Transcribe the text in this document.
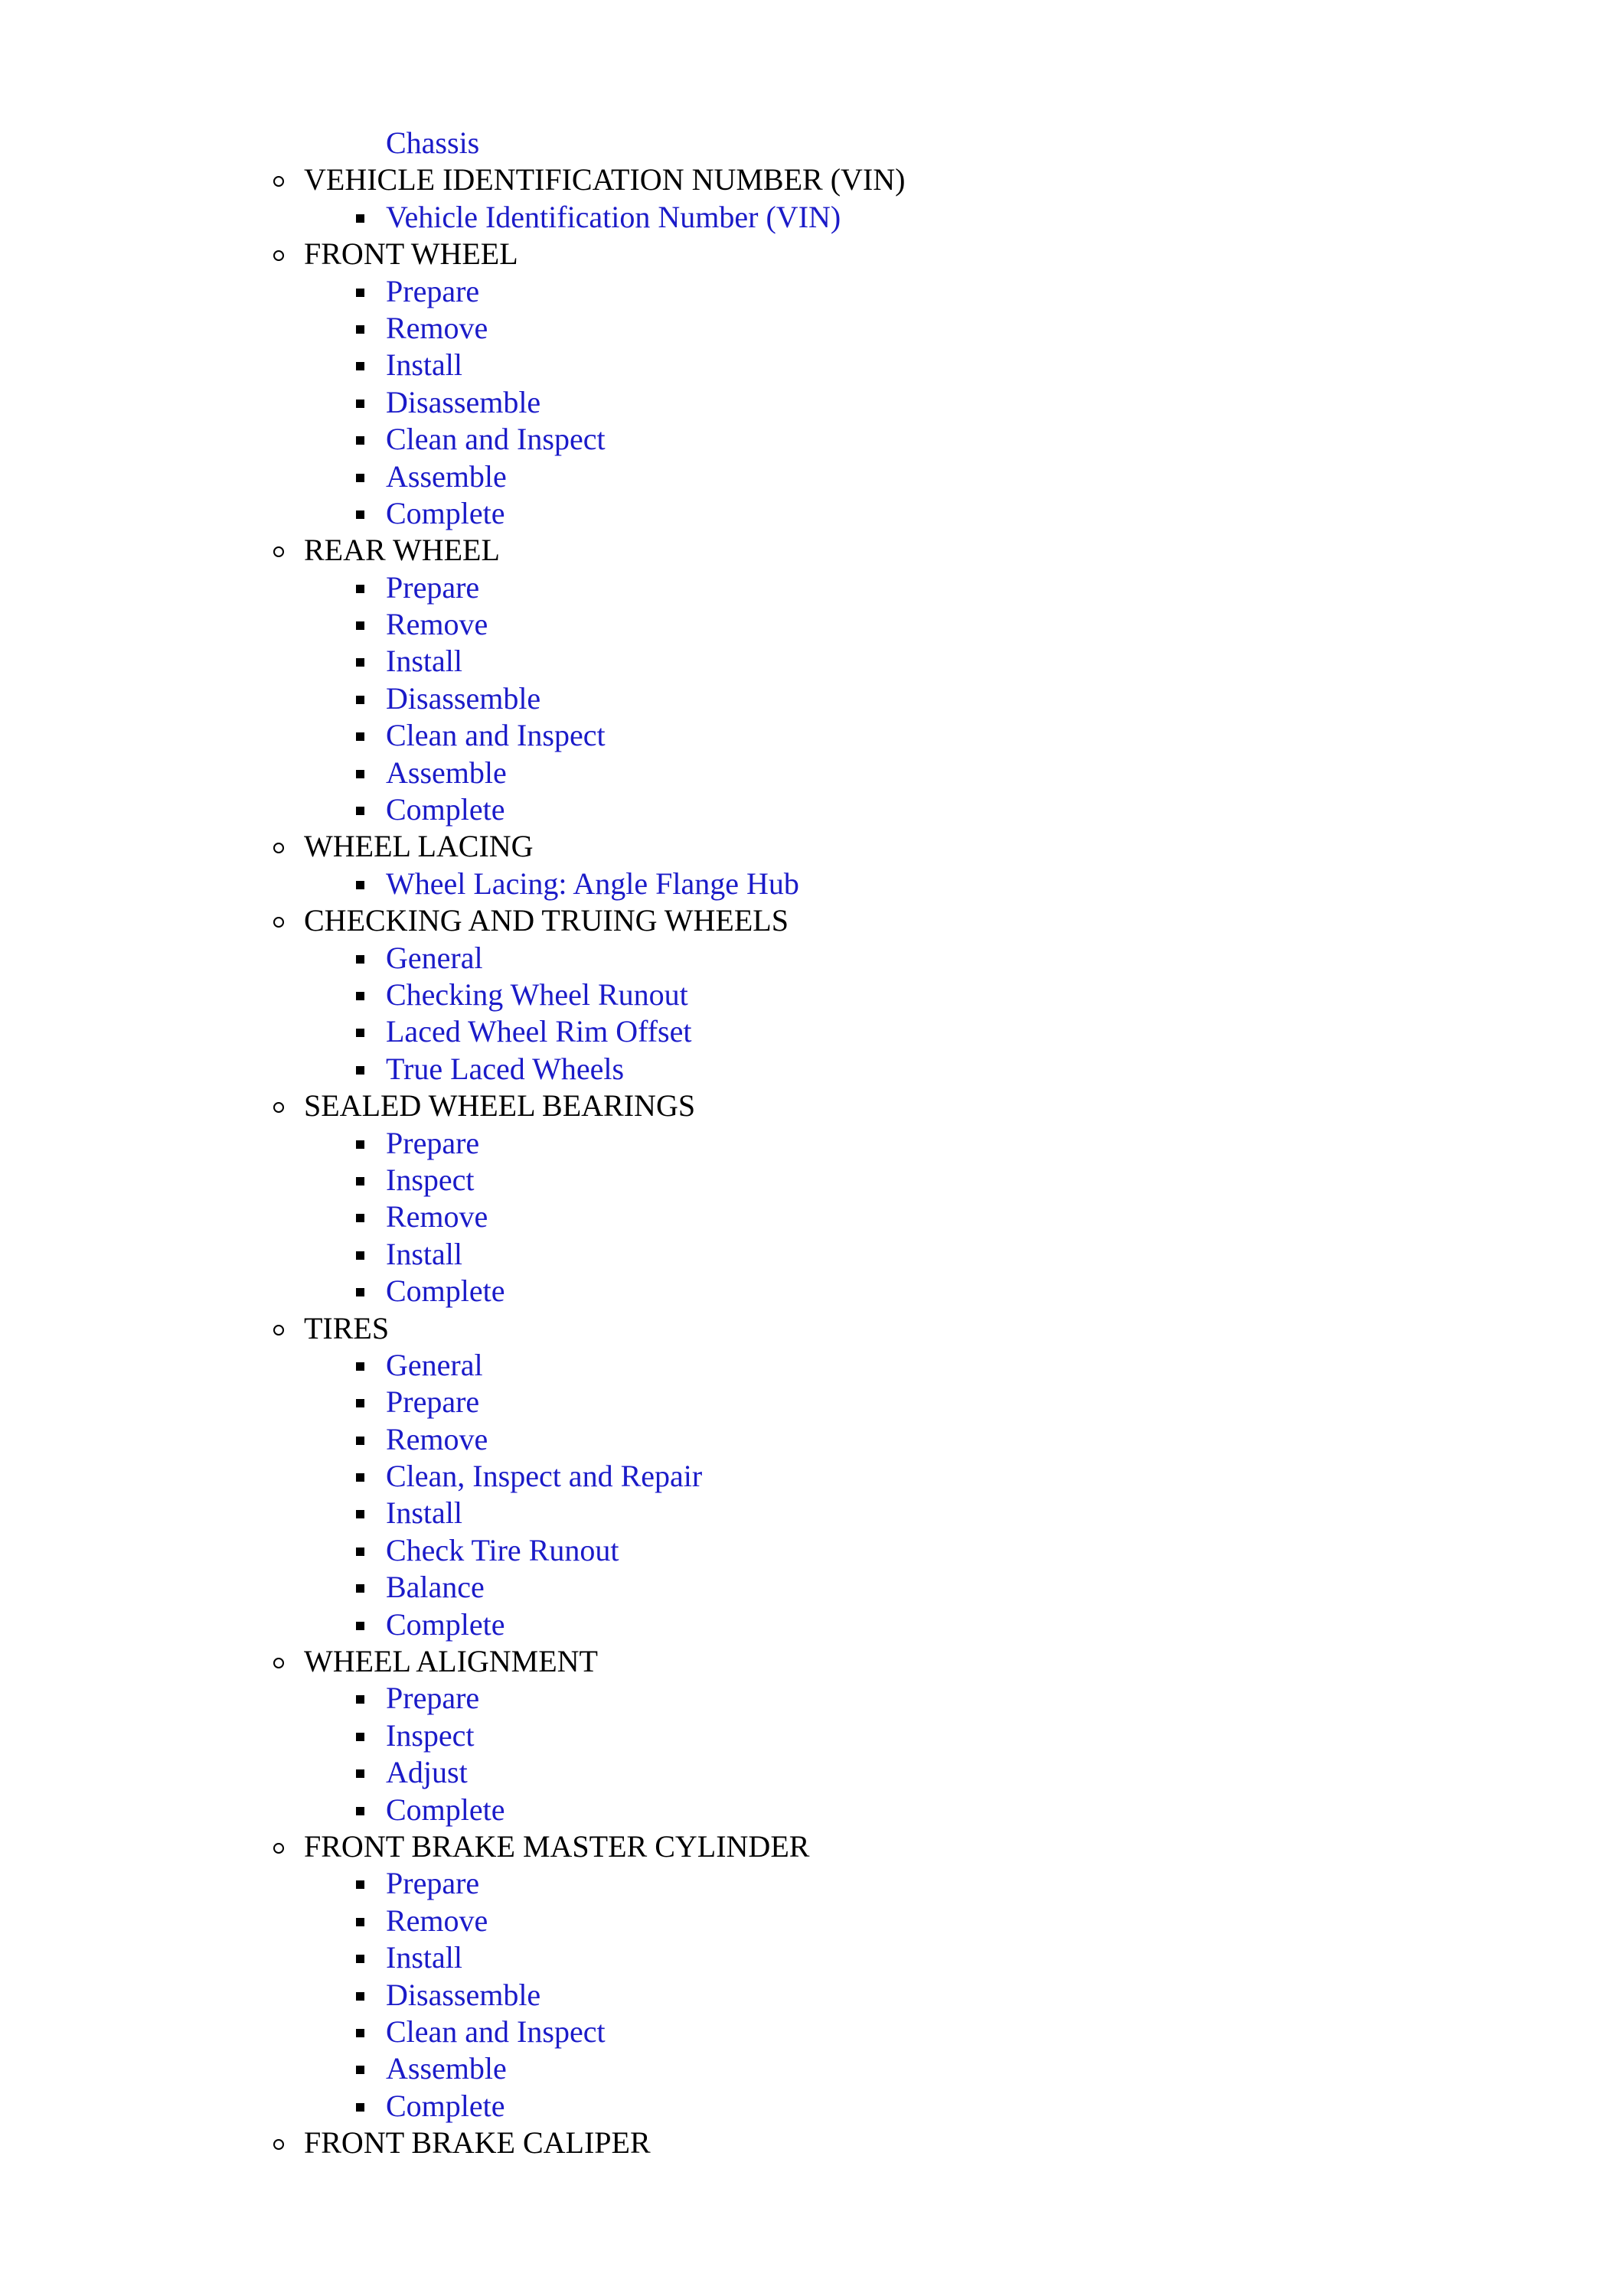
Chassis
VEHICLE IDENTIFICATION NUMBER (VIN)
Vehicle Identification Number (VIN)
FRONT WHEEL
Prepare
Remove
Install
Disassemble
Clean and Inspect
Assemble
Complete
REAR WHEEL
Prepare
Remove
Install
Disassemble
Clean and Inspect
Assemble
Complete
WHEEL LACING
Wheel Lacing: Angle Flange Hub
CHECKING AND TRUING WHEELS
General
Checking Wheel Runout
Laced Wheel Rim Offset
True Laced Wheels
SEALED WHEEL BEARINGS
Prepare
Inspect
Remove
Install
Complete
TIRES
General
Prepare
Remove
Clean, Inspect and Repair
Install
Check Tire Runout
Balance
Complete
WHEEL ALIGNMENT
Prepare
Inspect
Adjust
Complete
FRONT BRAKE MASTER CYLINDER
Prepare
Remove
Install
Disassemble
Clean and Inspect
Assemble
Complete
FRONT BRAKE CALIPER
